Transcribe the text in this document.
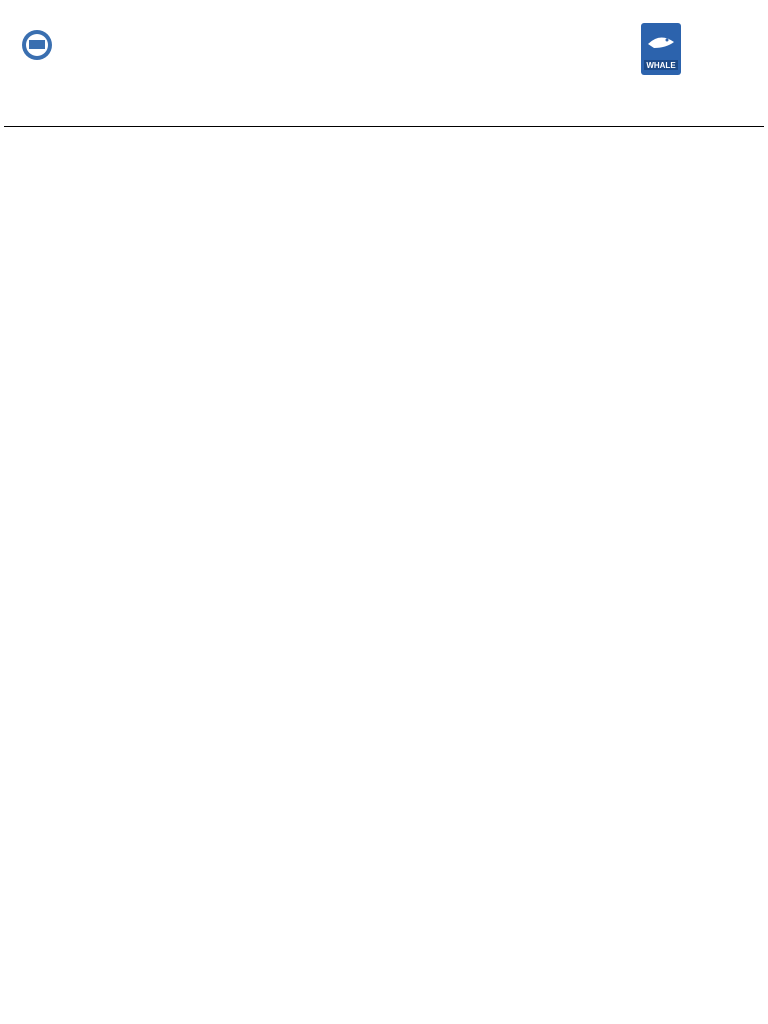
WHALE
